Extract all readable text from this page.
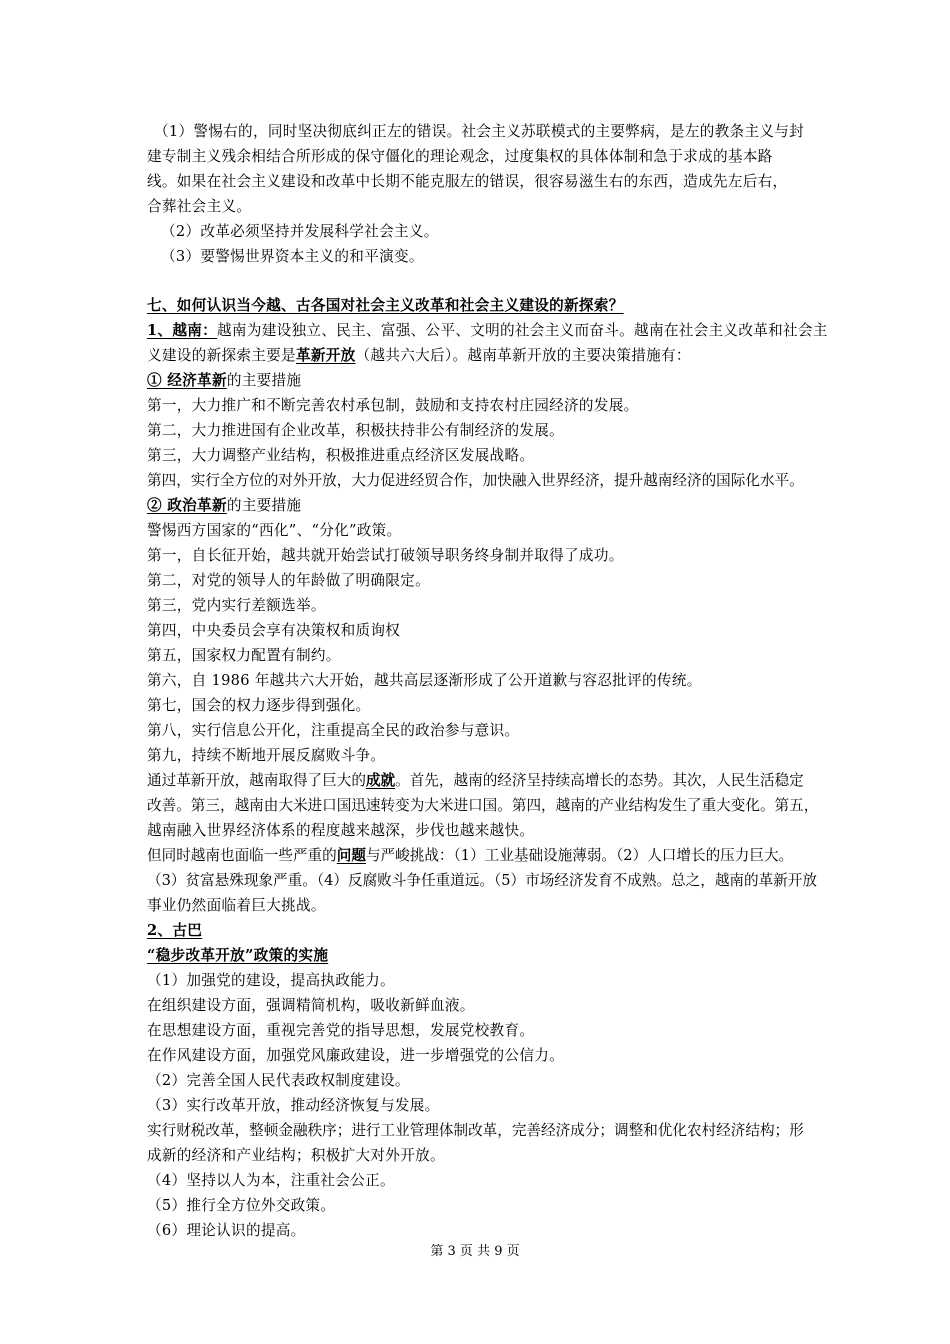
（1）警惕右的，同时坚决彻底纠正左的错误。社会主义苏联模式的主要弊病，是左的教条主义与封

建专制主义残余相结合所形成的保守僵化的理论观念，过度集权的具体体制和急于求成的基本路

线。如果在社会主义建设和改革中长期不能克服左的错误，很容易滋生右的东西，造成先左后右，

合葬社会主义。

（2）改革必须坚持并发展科学社会主义。

（3）要警惕世界资本主义的和平演变。

七、如何认识当今越、古各国对社会主义改革和社会主义建设的新探索？

1、越南：越南为建设独立、民主、富强、公平、文明的社会主义而奋斗。越南在社会主义改革和社会主

义建设的新探索主要是革新开放（越共六大后）。越南革新开放的主要决策措施有：

① 经济革新的主要措施

第一，大力推广和不断完善农村承包制，鼓励和支持农村庄园经济的发展。

第二，大力推进国有企业改革，积极扶持非公有制经济的发展。

第三，大力调整产业结构，积极推进重点经济区发展战略。

第四，实行全方位的对外开放，大力促进经贸合作，加快融入世界经济，提升越南经济的国际化水平。

② 政治革新的主要措施

警惕西方国家的“西化”、“分化”政策。

第一，自长征开始，越共就开始尝试打破领导职务终身制并取得了成功。

第二，对党的领导人的年龄做了明确限定。

第三，党内实行差额选举。

第四，中央委员会享有决策权和质询权

第五，国家权力配置有制约。

第六，自 1986 年越共六大开始，越共高层逐渐形成了公开道歉与容忍批评的传统。

第七，国会的权力逐步得到强化。

第八，实行信息公开化，注重提高全民的政治参与意识。

第九，持续不断地开展反腐败斗争。

通过革新开放，越南取得了巨大的成就。首先，越南的经济呈持续高增长的态势。其次，人民生活稳定

改善。第三，越南由大米进口国迅速转变为大米进口国。第四，越南的产业结构发生了重大变化。第五，

越南融入世界经济体系的程度越来越深，步伐也越来越快。

但同时越南也面临一些严重的问题与严峻挑战：（1）工业基础设施薄弱。（2）人口增长的压力巨大。

（3）贫富悬殊现象严重。（4）反腐败斗争任重道远。（5）市场经济发育不成熟。总之，越南的革新开放

事业仍然面临着巨大挑战。

2、古巴

“稳步改革开放”政策的实施

（1）加强党的建设，提高执政能力。

在组织建设方面，强调精简机构，吸收新鲜血液。

在思想建设方面，重视完善党的指导思想，发展党校教育。

在作风建设方面，加强党风廉政建设，进一步增强党的公信力。

（2）完善全国人民代表政权制度建设。

（3）实行改革开放，推动经济恢复与发展。

实行财税改革，整顿金融秩序；进行工业管理体制改革，完善经济成分；调整和优化农村经济结构；形

成新的经济和产业结构；积极扩大对外开放。

（4）坚持以人为本，注重社会公正。

（5）推行全方位外交政策。

（6）理论认识的提高。

第 3 页 共 9 页
